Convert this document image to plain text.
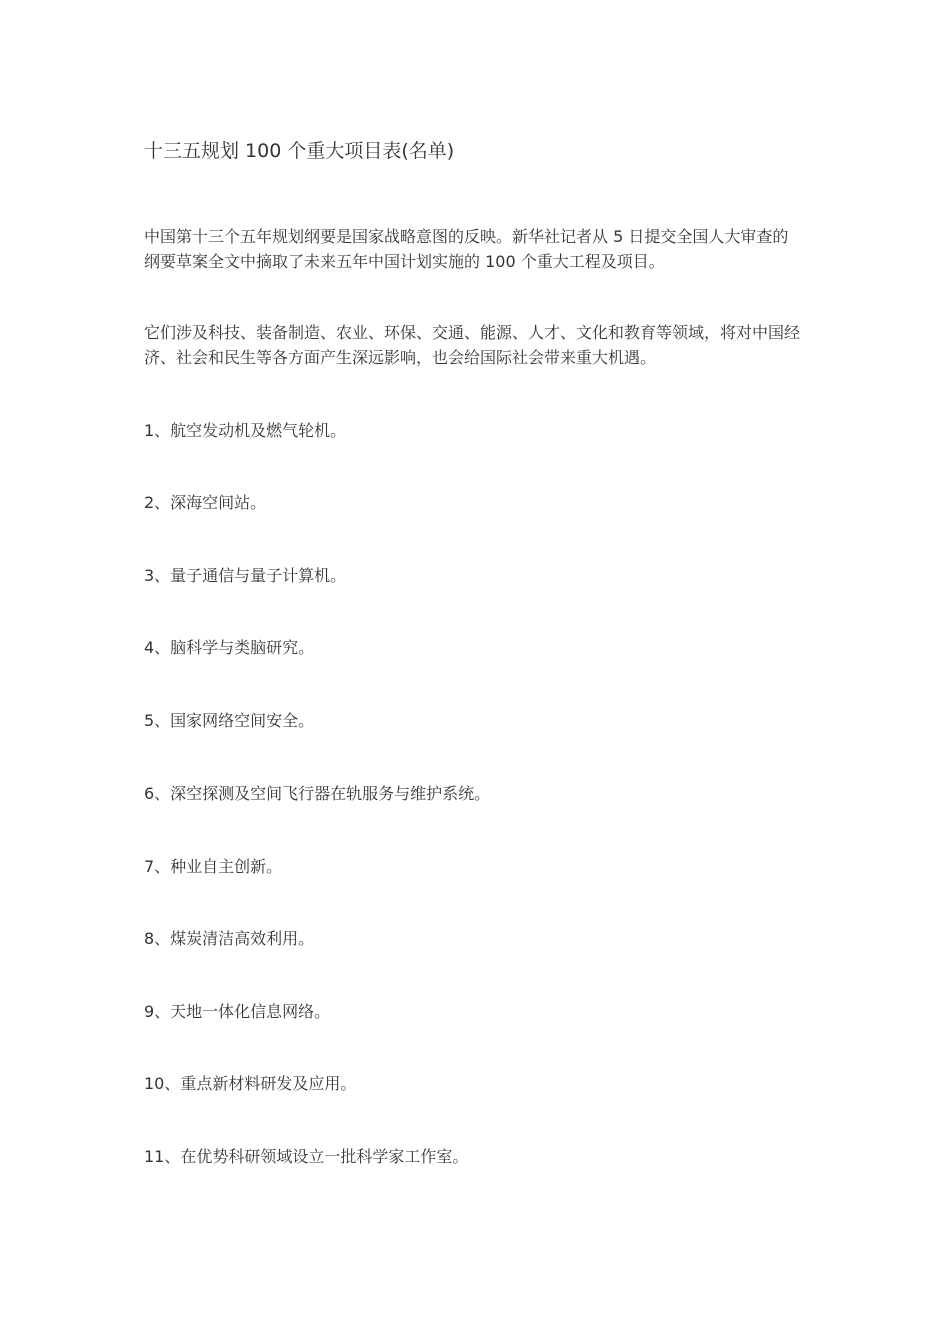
十三五规划 100 个重大项目表(名单)

中国第十三个五年规划纲要是国家战略意图的反映。新华社记者从 5 日提交全国人大审查的纲要草案全文中摘取了未来五年中国计划实施的 100 个重大工程及项目。

它们涉及科技、装备制造、农业、环保、交通、能源、人才、文化和教育等领域，将对中国经济、社会和民生等各方面产生深远影响，也会给国际社会带来重大机遇。

1、航空发动机及燃气轮机。
2、深海空间站。
3、量子通信与量子计算机。
4、脑科学与类脑研究。
5、国家网络空间安全。
6、深空探测及空间飞行器在轨服务与维护系统。
7、种业自主创新。
8、煤炭清洁高效利用。
9、天地一体化信息网络。
10、重点新材料研发及应用。
11、在优势科研领域设立一批科学家工作室。
